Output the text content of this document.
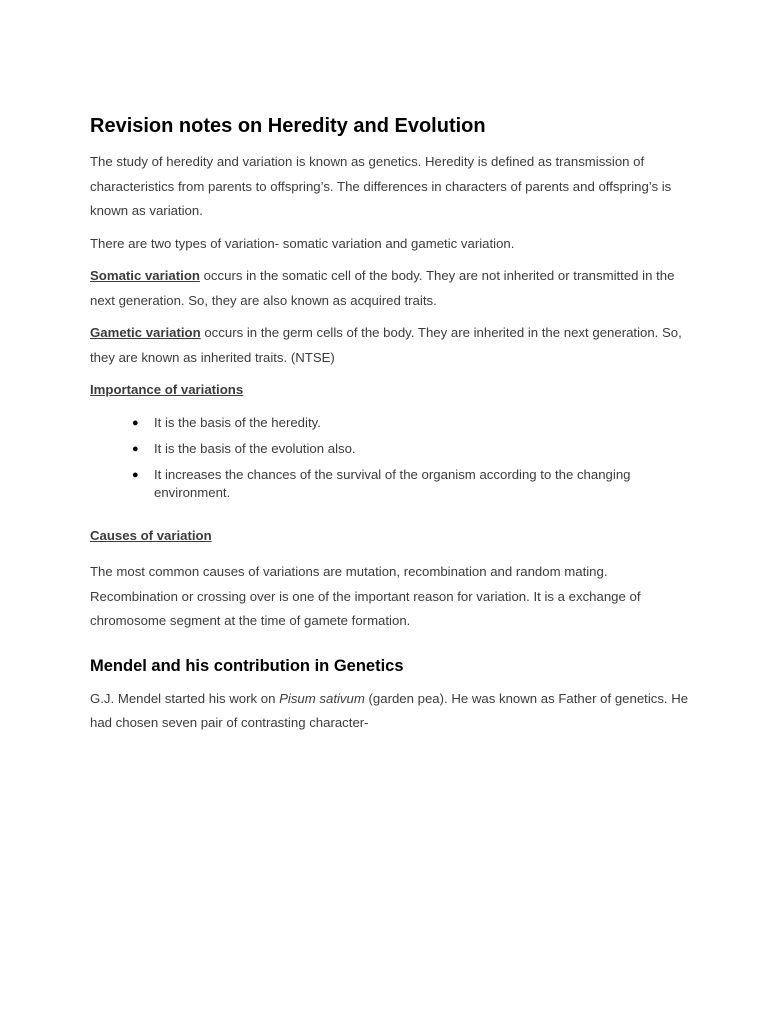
Revision notes on Heredity and Evolution

The study of heredity and variation is known as genetics. Heredity is defined as transmission of characteristics from parents to offspring’s. The differences in characters of parents and offspring’s is known as variation.

There are two types of variation- somatic variation and gametic variation.

Somatic variation occurs in the somatic cell of the body. They are not inherited or transmitted in the next generation. So, they are also known as acquired traits.

Gametic variation occurs in the germ cells of the body. They are inherited in the next generation. So, they are known as inherited traits. (NTSE)

Importance of variations
● It is the basis of the heredity.
● It is the basis of the evolution also.
● It increases the chances of the survival of the organism according to the changing environment.
Causes of variation

The most common causes of variations are mutation, recombination and random mating. Recombination or crossing over is one of the important reason for variation. It is a exchange of chromosome segment at the time of gamete formation.

Mendel and his contribution in Genetics

G.J. Mendel started his work on Pisum sativum (garden pea). He was known as Father of genetics. He had chosen seven pair of contrasting character-
